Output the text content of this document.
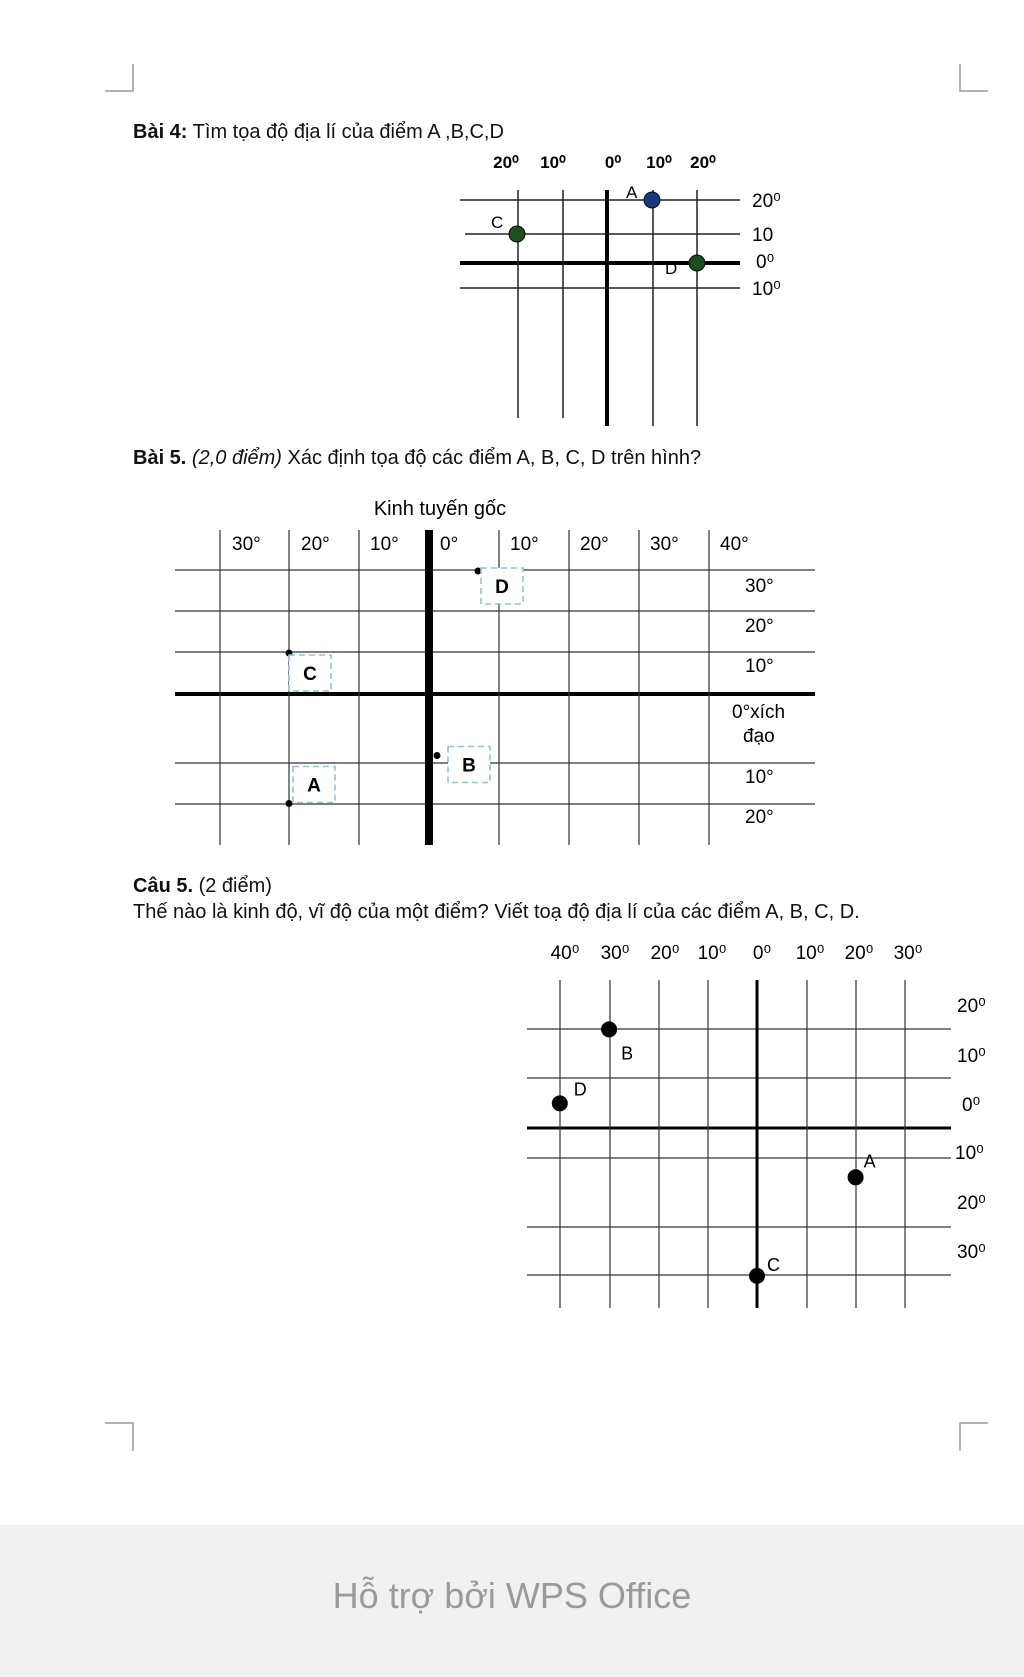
Bài 4: Tìm tọa độ địa lí của điểm A ,B,C,D
20⁰ 10⁰ 0⁰ 10⁰ 20⁰
20⁰
10
0⁰
10⁰
A
C
D
Bài 5. (2,0 điểm) Xác định tọa độ các điểm A, B, C, D trên hình?
Kinh tuyến gốc
30° 20° 10° 0°	10° 20° 30° 40°
30°
20°
10°
0°xích
đạo
10°
20°
D
C
B
A
Câu 5. (2 điểm)
Thế nào là kinh độ, vĩ độ của một điểm? Viết toạ độ địa lí của các điểm A, B, C, D.
40⁰ 30⁰ 20⁰ 10⁰ 0⁰ 10⁰ 20⁰ 30⁰
20⁰
10⁰
0⁰
10⁰
20⁰
30⁰
B
D
A
C
Hỗ trợ bởi WPS Office
